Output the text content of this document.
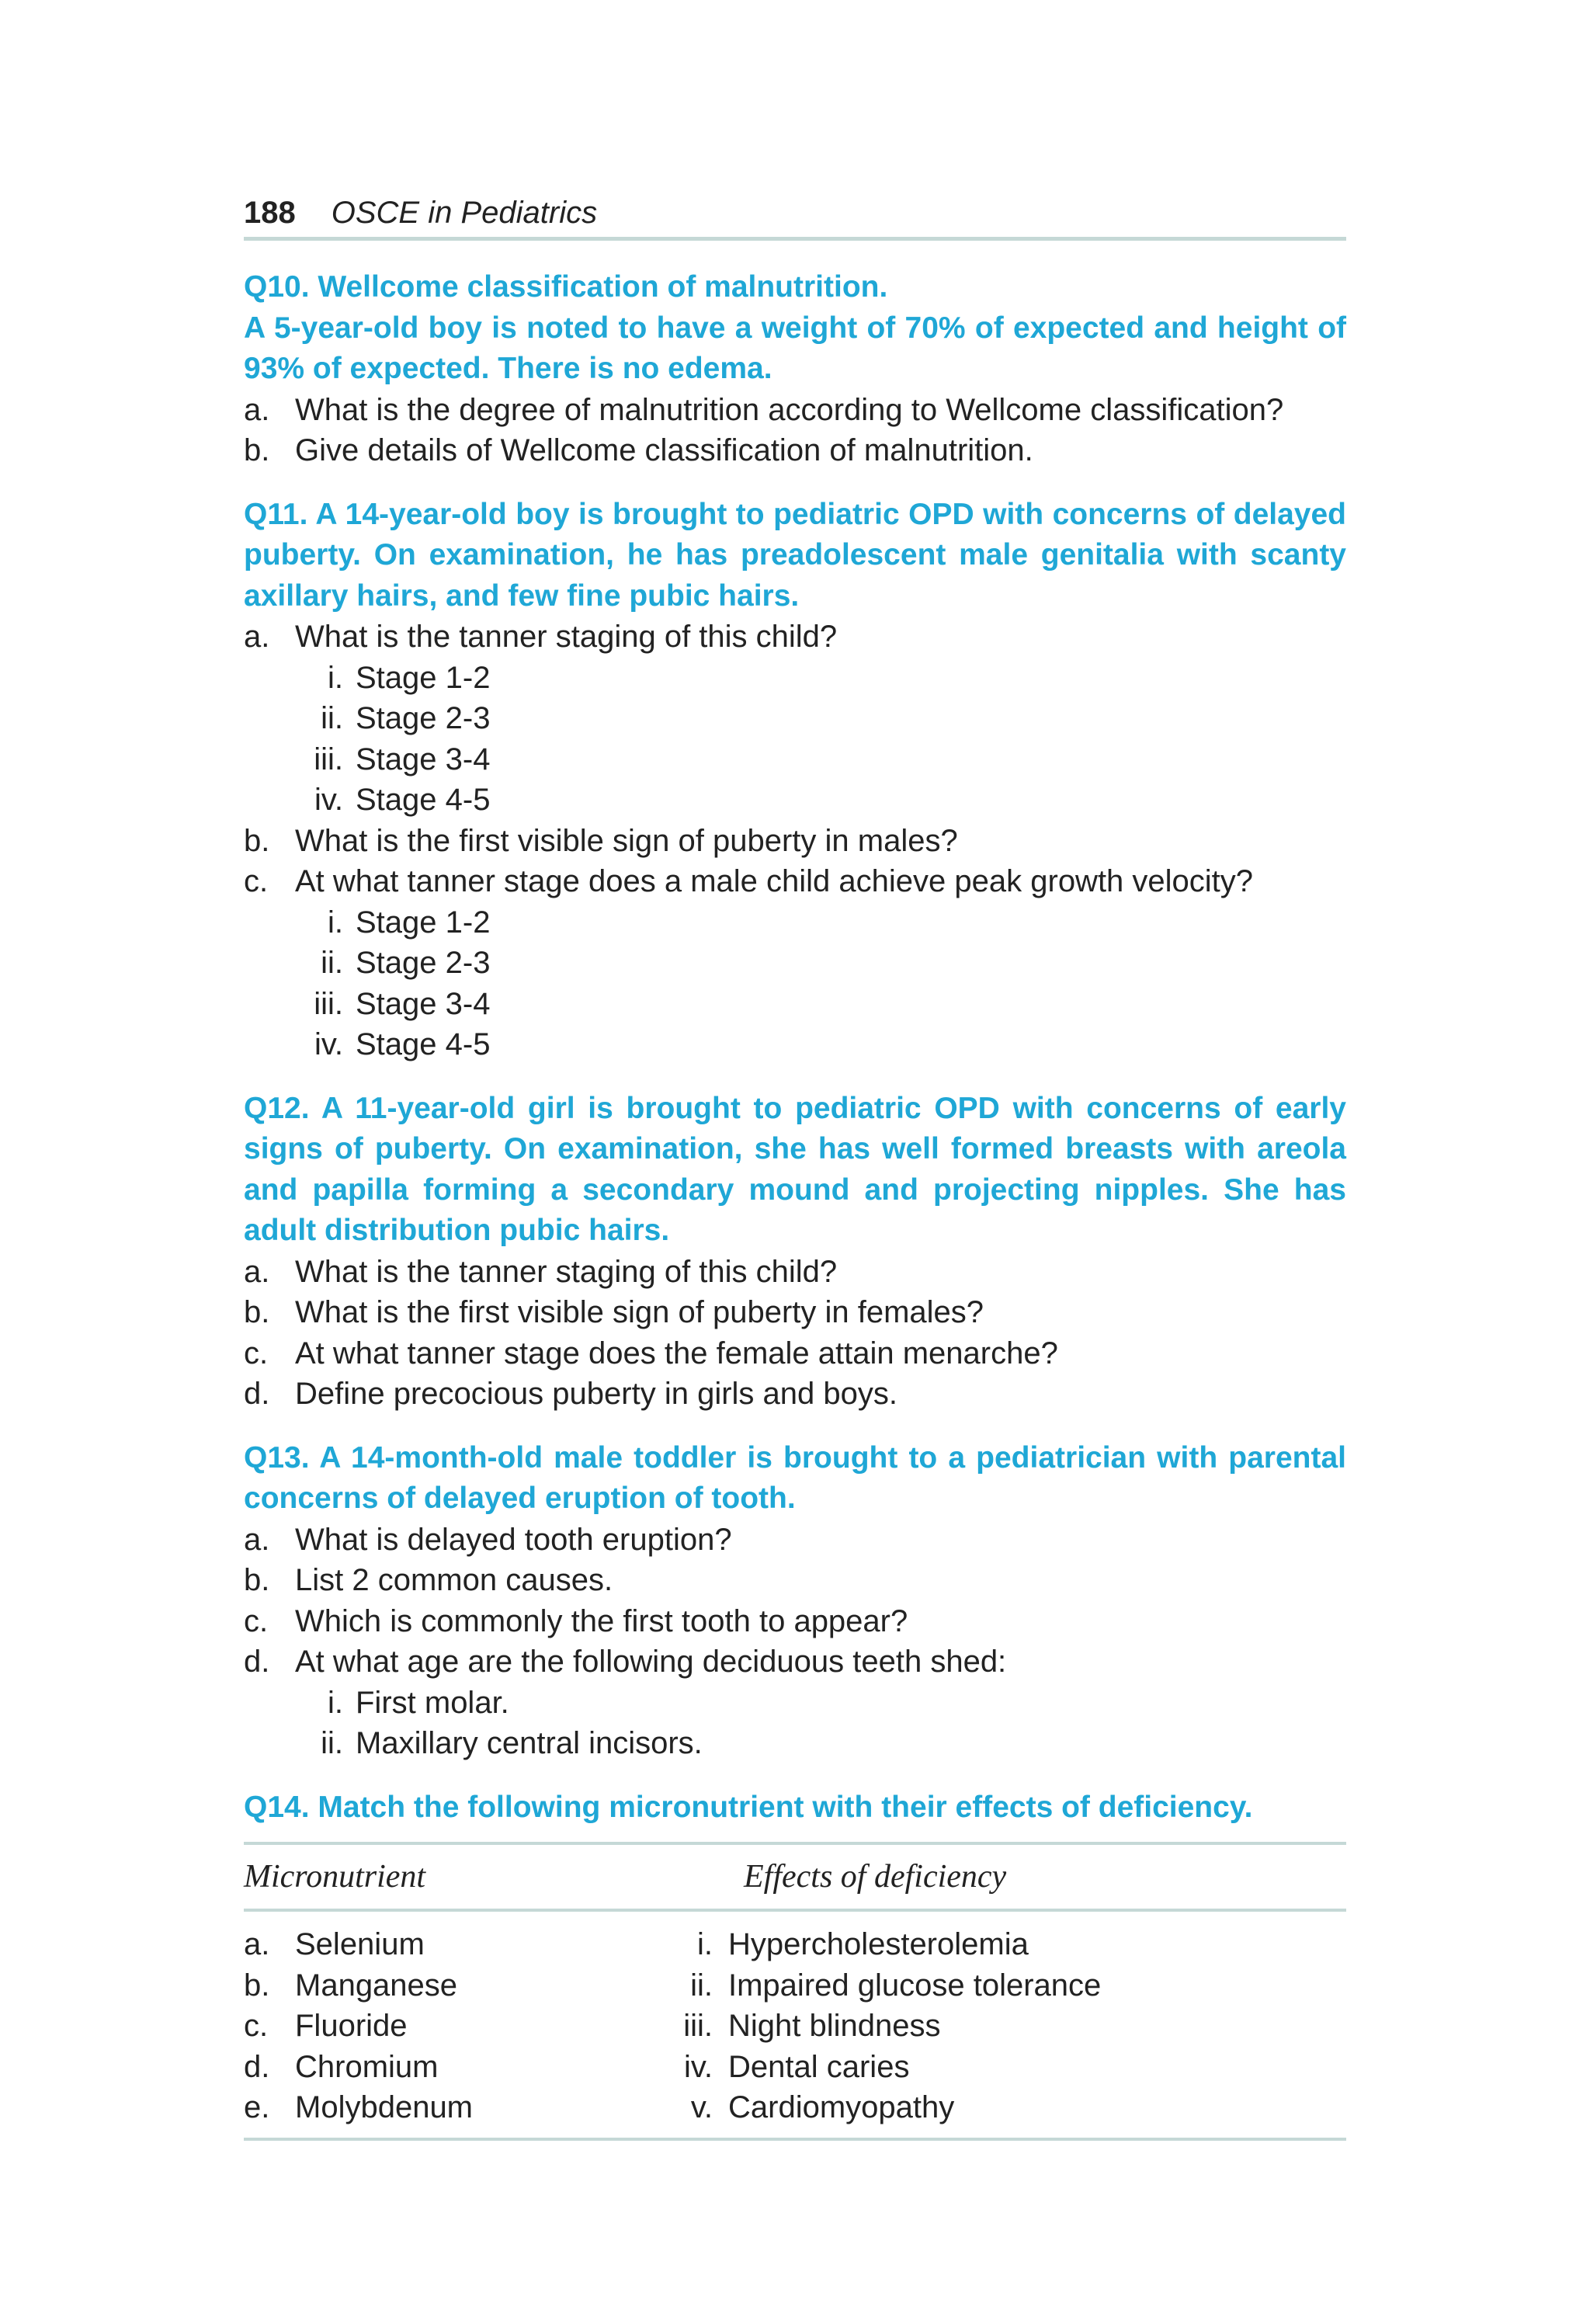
188 OSCE in Pediatrics

Q10. Wellcome classification of malnutrition.

A 5-year-old boy is noted to have a weight of 70% of expected and height of 93% of expected. There is no edema.

a. What is the degree of malnutrition according to Wellcome classification?
b. Give details of Wellcome classification of malnutrition.

Q11. A 14-year-old boy is brought to pediatric OPD with concerns of delayed puberty. On examination, he has preadolescent male genitalia with scanty axillary hairs, and few fine pubic hairs.

a. What is the tanner staging of this child?
i. Stage 1-2
ii. Stage 2-3
iii. Stage 3-4
iv. Stage 4-5
b. What is the first visible sign of puberty in males?
c. At what tanner stage does a male child achieve peak growth velocity?
i. Stage 1-2
ii. Stage 2-3
iii. Stage 3-4
iv. Stage 4-5

Q12. A 11-year-old girl is brought to pediatric OPD with concerns of early signs of puberty. On examination, she has well formed breasts with areola and papilla forming a secondary mound and projecting nipples. She has adult distribution pubic hairs.

a. What is the tanner staging of this child?
b. What is the first visible sign of puberty in females?
c. At what tanner stage does the female attain menarche?
d. Define precocious puberty in girls and boys.

Q13. A 14-month-old male toddler is brought to a pediatrician with parental concerns of delayed eruption of tooth.

a. What is delayed tooth eruption?
b. List 2 common causes.
c. Which is commonly the first tooth to appear?
d. At what age are the following deciduous teeth shed:
i. First molar.
ii. Maxillary central incisors.

Q14. Match the following micronutrient with their effects of deficiency.

Micronutrient	Effects of deficiency
a. Selenium	i. Hypercholesterolemia
b. Manganese	ii. Impaired glucose tolerance
c. Fluoride	iii. Night blindness
d. Chromium	iv. Dental caries
e. Molybdenum	v. Cardiomyopathy
